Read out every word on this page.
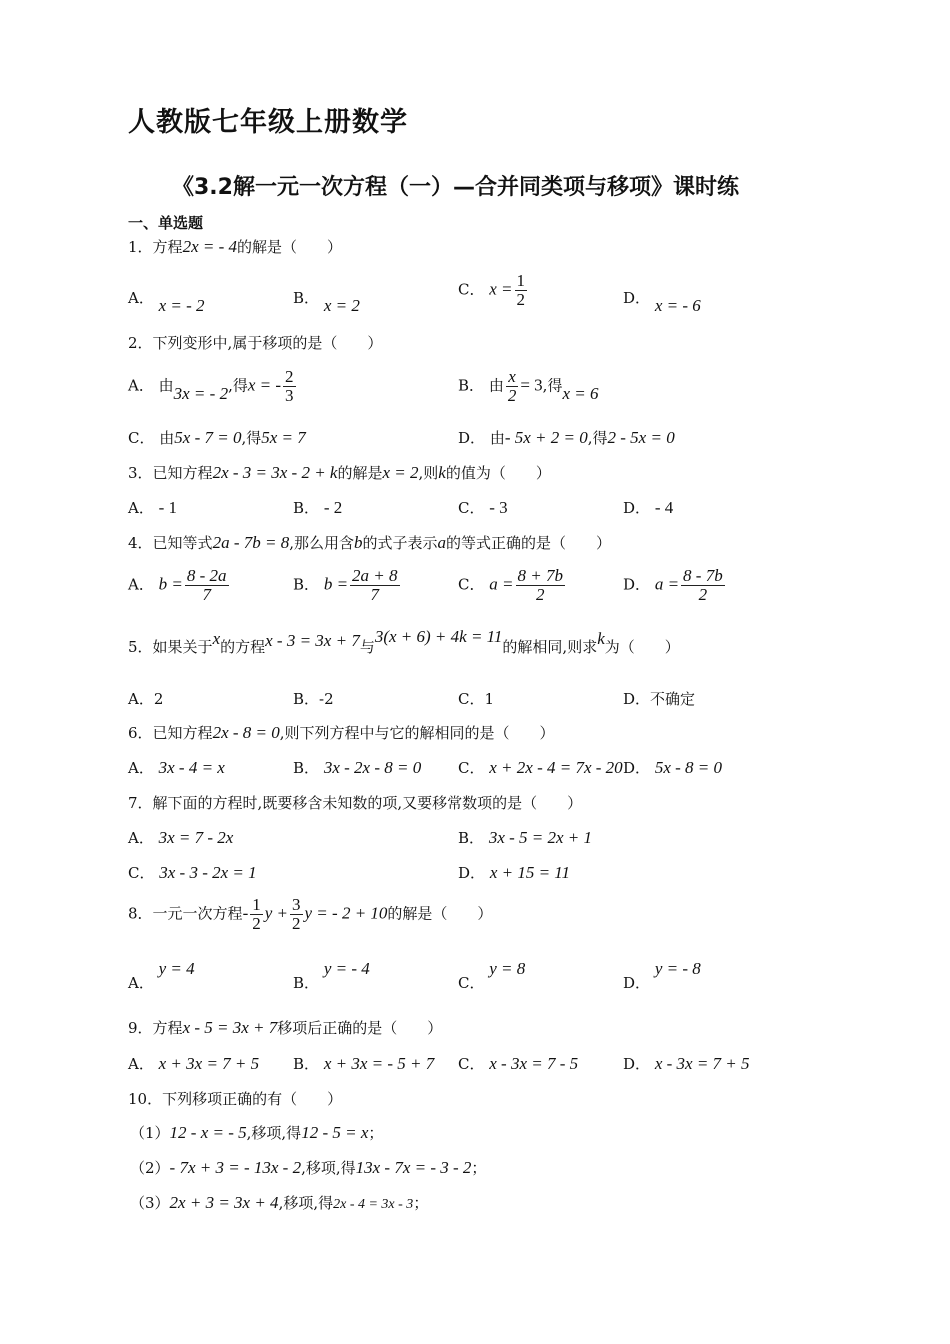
人教版七年级上册数学
《3.2解一元一次方程（一）—合并同类项与移项》课时练
一、单选题
1．方程2x = - 4的解是（　　）
A． x = - 2	B． x = 2
C． $x = \frac{1}{2}$	D． x = - 6
2．下列变形中,属于移项的是（　　）
A． 由3x = - 2,得x = - $\frac{2}{3}$	B． 由 $\frac{x}{2} = 3$,得x = 6
C． 由5x - 7 = 0,得5x = 7	D． 由- 5x + 2 = 0,得2 - 5x = 0
3．已知方程2x - 3 = 3x - 2 + k的解是x = 2,则k的值为（　　）
A． - 1	B． - 2	C． - 3	D． - 4
4．已知等式2a - 7b = 8,那么用含b的式子表示a的等式正确的是（　　）
A． $b = \frac{8 - 2a}{7}$	B． $b = \frac{2a + 8}{7}$	C． $a = \frac{8 + 7b}{2}$	D． $a = \frac{8 - 7b}{2}$
5．如果关于x的方程x - 3 = 3x + 7与3(x + 6) + 4k = 11的解相同,则求k为（　　）
A．2	B．-2	C．1	D．不确定
6．已知方程2x - 8 = 0,则下列方程中与它的解相同的是（　　）
A． 3x - 4 = x	B． 3x - 2x - 8 = 0 C． x + 2x - 4 = 7x - 20 D． 5x - 8 = 0
7．解下面的方程时,既要移含未知数的项,又要移常数项的是（　　）
A． 3x = 7 - 2x	B． 3x - 5 = 2x + 1
C． 3x - 3 - 2x = 1	D． x + 15 = 11
8．一元一次方程- $\frac{1}{2}$ $y + \frac{3}{2}$ y = - 2 + 10的解是（　　）
A． y = 4
B． y = - 4
C． y = 8
D． y = - 8
9．方程x - 5 = 3x + 7移项后正确的是（　　）
A． x + 3x = 7 + 5 B． x + 3x = - 5 + 7 C． x - 3x = 7 - 5	D． x - 3x = 7 + 5
10．下列移项正确的有（　　）
（1）12 - x = - 5,移项,得12 - 5 = x；
（2）- 7x + 3 = - 13x - 2,移项,得13x - 7x = - 3 - 2；
（3）2x + 3 = 3x + 4,移项,得2x - 4 = 3x - 3；
